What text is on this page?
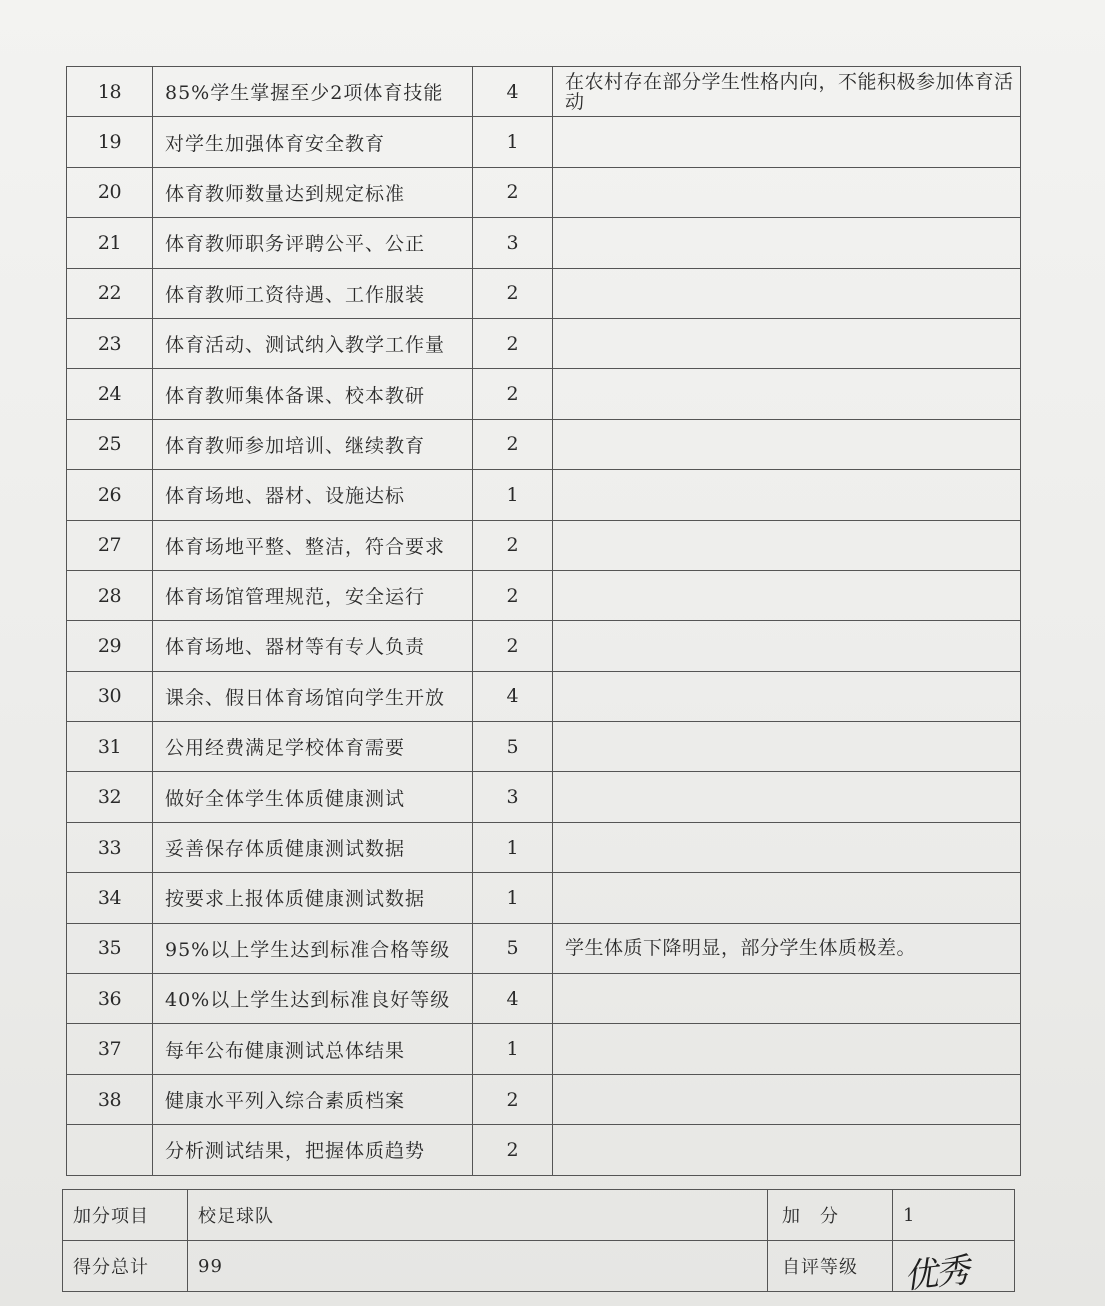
18	85%学生掌握至少2项体育技能	4	在农村存在部分学生性格内向，不能积极参加体育活动
19	对学生加强体育安全教育	1	
20	体育教师数量达到规定标准	2	
21	体育教师职务评聘公平、公正	3	
22	体育教师工资待遇、工作服装	2	
23	体育活动、测试纳入教学工作量	2	
24	体育教师集体备课、校本教研	2	
25	体育教师参加培训、继续教育	2	
26	体育场地、器材、设施达标	1	
27	体育场地平整、整洁，符合要求	2	
28	体育场馆管理规范，安全运行	2	
29	体育场地、器材等有专人负责	2	
30	课余、假日体育场馆向学生开放	4	
31	公用经费满足学校体育需要	5	
32	做好全体学生体质健康测试	3	
33	妥善保存体质健康测试数据	1	
34	按要求上报体质健康测试数据	1	
35	95%以上学生达到标准合格等级	5	学生体质下降明显，部分学生体质极差。
36	40%以上学生达到标准良好等级	4	
37	每年公布健康测试总体结果	1	
38	健康水平列入综合素质档案	2	
	分析测试结果，把握体质趋势	2	
加分项目	校足球队	加　分	1
得分总计	99	自评等级	优秀
